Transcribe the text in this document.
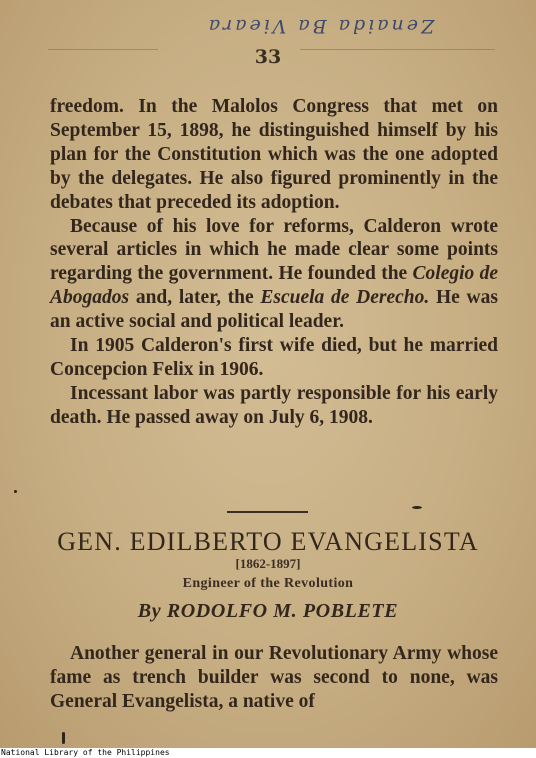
Zenaida Ba Vieara
33

freedom. In the Malolos Congress that met on September 15, 1898, he distinguished himself by his plan for the Constitution which was the one adopted by the delegates. He also figured prominently in the debates that preceded its adoption.

Because of his love for reforms, Calderon wrote several articles in which he made clear some points regarding the government. He founded the Colegio de Abogados and, later, the Escuela de Derecho. He was an active social and political leader.

In 1905 Calderon's first wife died, but he married Concepcion Felix in 1906.

Incessant labor was partly responsible for his early death. He passed away on July 6, 1908.

GEN. EDILBERTO EVANGELISTA
[1862-1897]
Engineer of the Revolution
By RODOLFO M. POBLETE

Another general in our Revolutionary Army whose fame as trench builder was second to none, was General Evangelista, a native of

National Library of the Philippines
